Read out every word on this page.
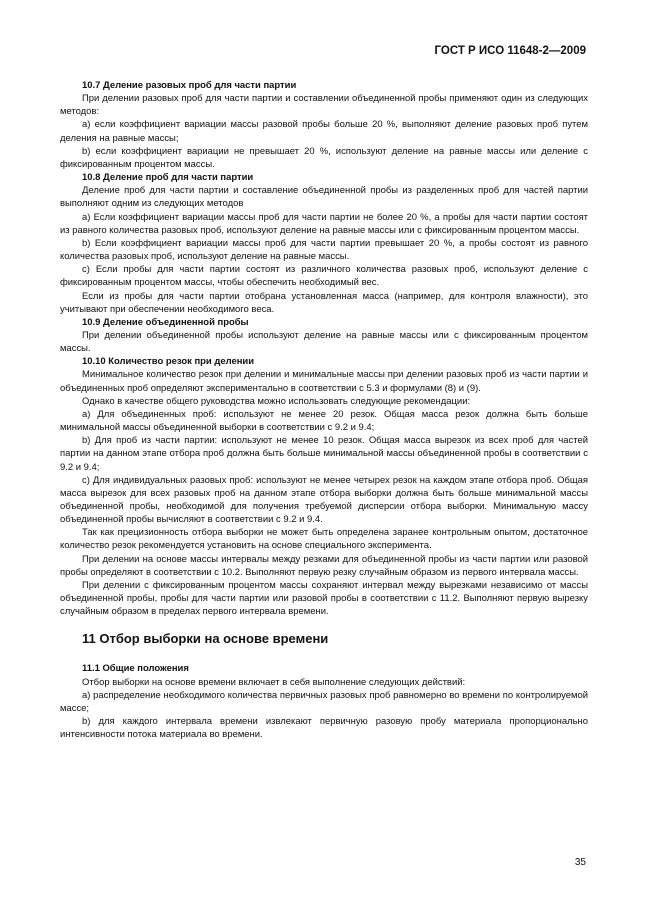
ГОСТ Р ИСО 11648-2—2009

10.7 Деление разовых проб для части партии

При делении разовых проб для части партии и составлении объединенной пробы применяют один из следующих методов:

а) если коэффициент вариации массы разовой пробы больше 20 %, выполняют деление разовых проб путем деления на равные массы;

b) если коэффициент вариации не превышает 20 %, используют деление на равные массы или деление с фиксированным процентом массы.

10.8 Деление проб для части партии

Деление проб для части партии и составление объединенной пробы из разделенных проб для частей партии выполняют одним из следующих методов

а) Если коэффициент вариации массы проб для части партии не более 20 %, а пробы для части партии состоят из равного количества разовых проб, используют деление на равные массы или с фиксированным процентом массы.

b) Если коэффициент вариации массы проб для части партии превышает 20 %, а пробы состоят из равного количества разовых проб, используют деление на равные массы.

с) Если пробы для части партии состоят из различного количества разовых проб, используют деление с фиксированным процентом массы, чтобы обеспечить необходимый вес.

Если из пробы для части партии отобрана установленная масса (например, для контроля влажности), это учитывают при обеспечении необходимого веса.

10.9 Деление объединенной пробы

При делении объединенной пробы используют деление на равные массы или с фиксированным процентом массы.

10.10 Количество резок при делении

Минимальное количество резок при делении и минимальные массы при делении разовых проб из части партии и объединенных проб определяют экспериментально в соответствии с 5.3 и формулами (8) и (9).

Однако в качестве общего руководства можно использовать следующие рекомендации:

а) Для объединенных проб: используют не менее 20 резок. Общая масса резок должна быть больше минимальной массы объединенной выборки в соответствии с 9.2 и 9.4;

b) Для проб из части партии: используют не менее 10 резок. Общая масса вырезок из всех проб для частей партии на данном этапе отбора проб должна быть больше минимальной массы объединенной пробы в соответствии с 9.2 и 9.4;

с) Для индивидуальных разовых проб: используют не менее четырех резок на каждом этапе отбора проб. Общая масса вырезок для всех разовых проб на данном этапе отбора выборки должна быть больше минимальной массы объединенной пробы, необходимой для получения требуемой дисперсии отбора выборки. Минимальную массу объединенной пробы вычисляют в соответствии с 9.2 и 9.4.

Так как прецизионность отбора выборки не может быть определена заранее контрольным опытом, достаточное количество резок рекомендуется установить на основе специального эксперимента.

При делении на основе массы интервалы между резками для объединенной пробы из части партии или разовой пробы определяют в соответствии с 10.2. Выполняют первую резку случайным образом из первого интервала массы.

При делении с фиксированным процентом массы сохраняют интервал между вырезками независимо от массы объединенной пробы, пробы для части партии или разовой пробы в соответствии с 11.2. Выполняют первую вырезку случайным образом в пределах первого интервала времени.

11 Отбор выборки на основе времени

11.1 Общие положения

Отбор выборки на основе времени включает в себя выполнение следующих действий:

а) распределение необходимого количества первичных разовых проб равномерно во времени по контролируемой массе;

b) для каждого интервала времени извлекают первичную разовую пробу материала пропорционально интенсивности потока материала во времени.

35
